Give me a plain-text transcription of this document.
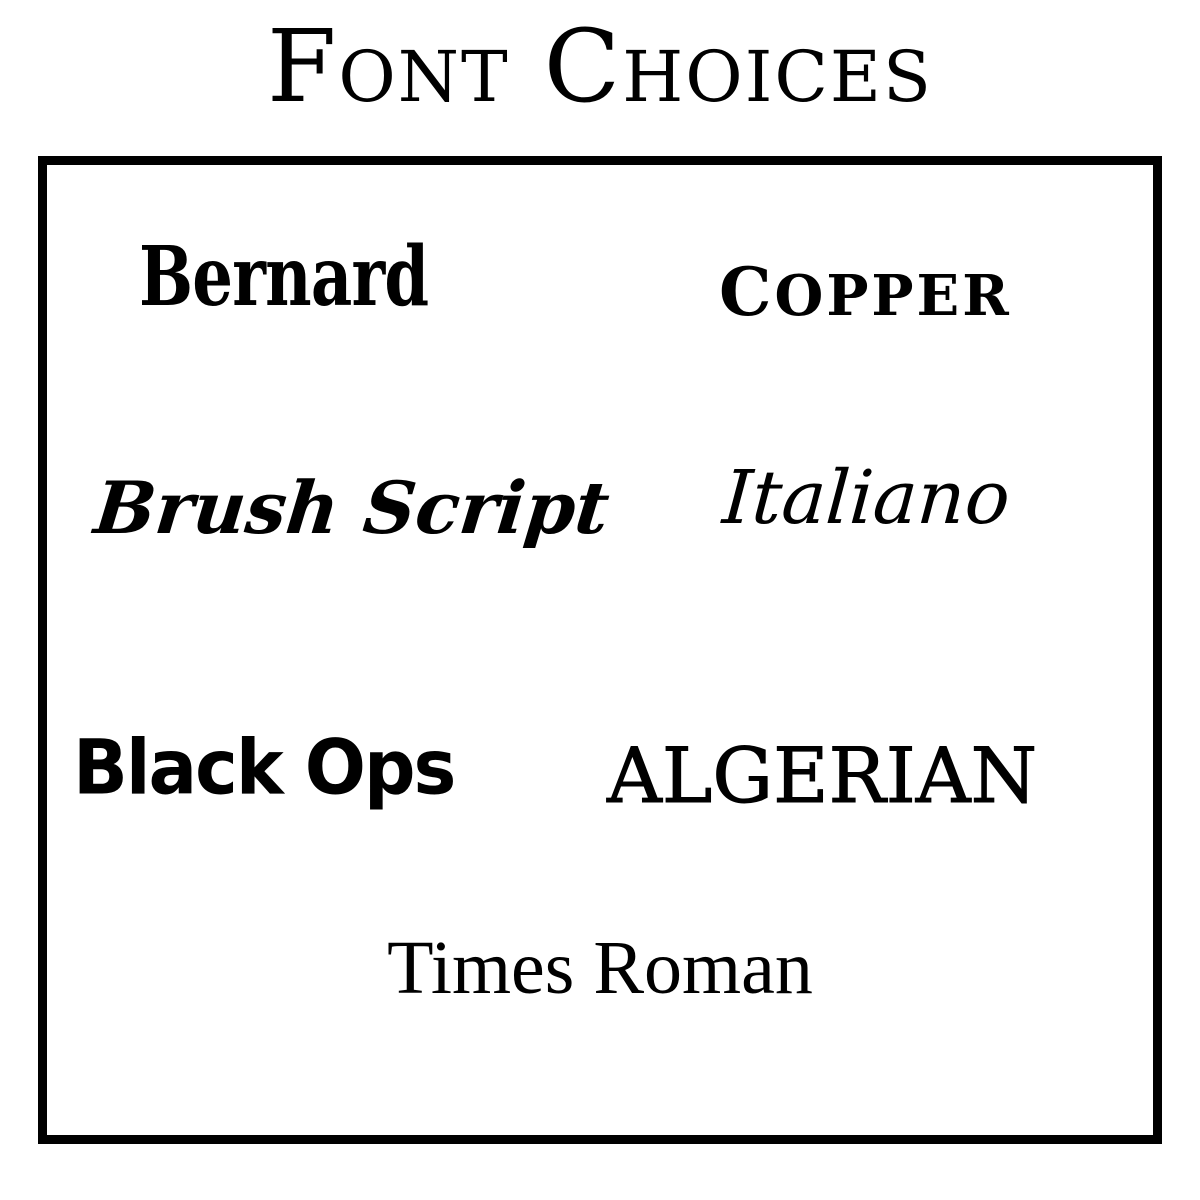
FONT CHOICES
Bernard	COPPER
Brush Script Italiano
Black Ops ALGERIAN
Times Roman
